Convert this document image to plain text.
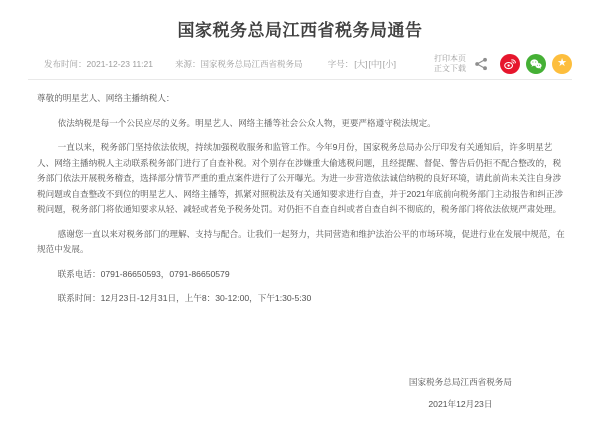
国家税务总局江西省税务局通告
发布时间：2021-12-23 11:21	来源：国家税务总局江西省税务局	字号：[大][中][小]
打印本页
正文下载	★

尊敬的明星艺人、网络主播纳税人：

依法纳税是每一个公民应尽的义务。明星艺人、网络主播等社会公众人物，更要严格遵守税法规定。

一直以来，税务部门坚持依法依规，持续加强税收服务和监管工作。今年9月份，国家税务总局办公厅印发有关通知后，许多明星艺人、网络主播纳税人主动联系税务部门进行了自查补税。对个别存在涉嫌重大偷逃税问题，且经提醒、督促、警告后仍拒不配合整改的，税务部门依法开展税务稽查，选择部分情节严重的重点案件进行了公开曝光。为进一步营造依法诚信纳税的良好环境，请此前尚未关注自身涉税问题或自查整改不到位的明星艺人、网络主播等，抓紧对照税法及有关通知要求进行自查，并于2021年底前向税务部门主动报告和纠正涉税问题，税务部门将依通知要求从轻、减轻或者免予税务处罚。对仍拒不自查自纠或者自查自纠不彻底的，税务部门将依法依规严肃处理。

感谢您一直以来对税务部门的理解、支持与配合。让我们一起努力，共同营造和维护法治公平的市场环境，促进行业在发展中规范，在规范中发展。

联系电话：0791-86650593，0791-86650579

联系时间：12月23日-12月31日，上午8：30-12:00，下午1:30-5:30

国家税务总局江西省税务局
2021年12月23日
